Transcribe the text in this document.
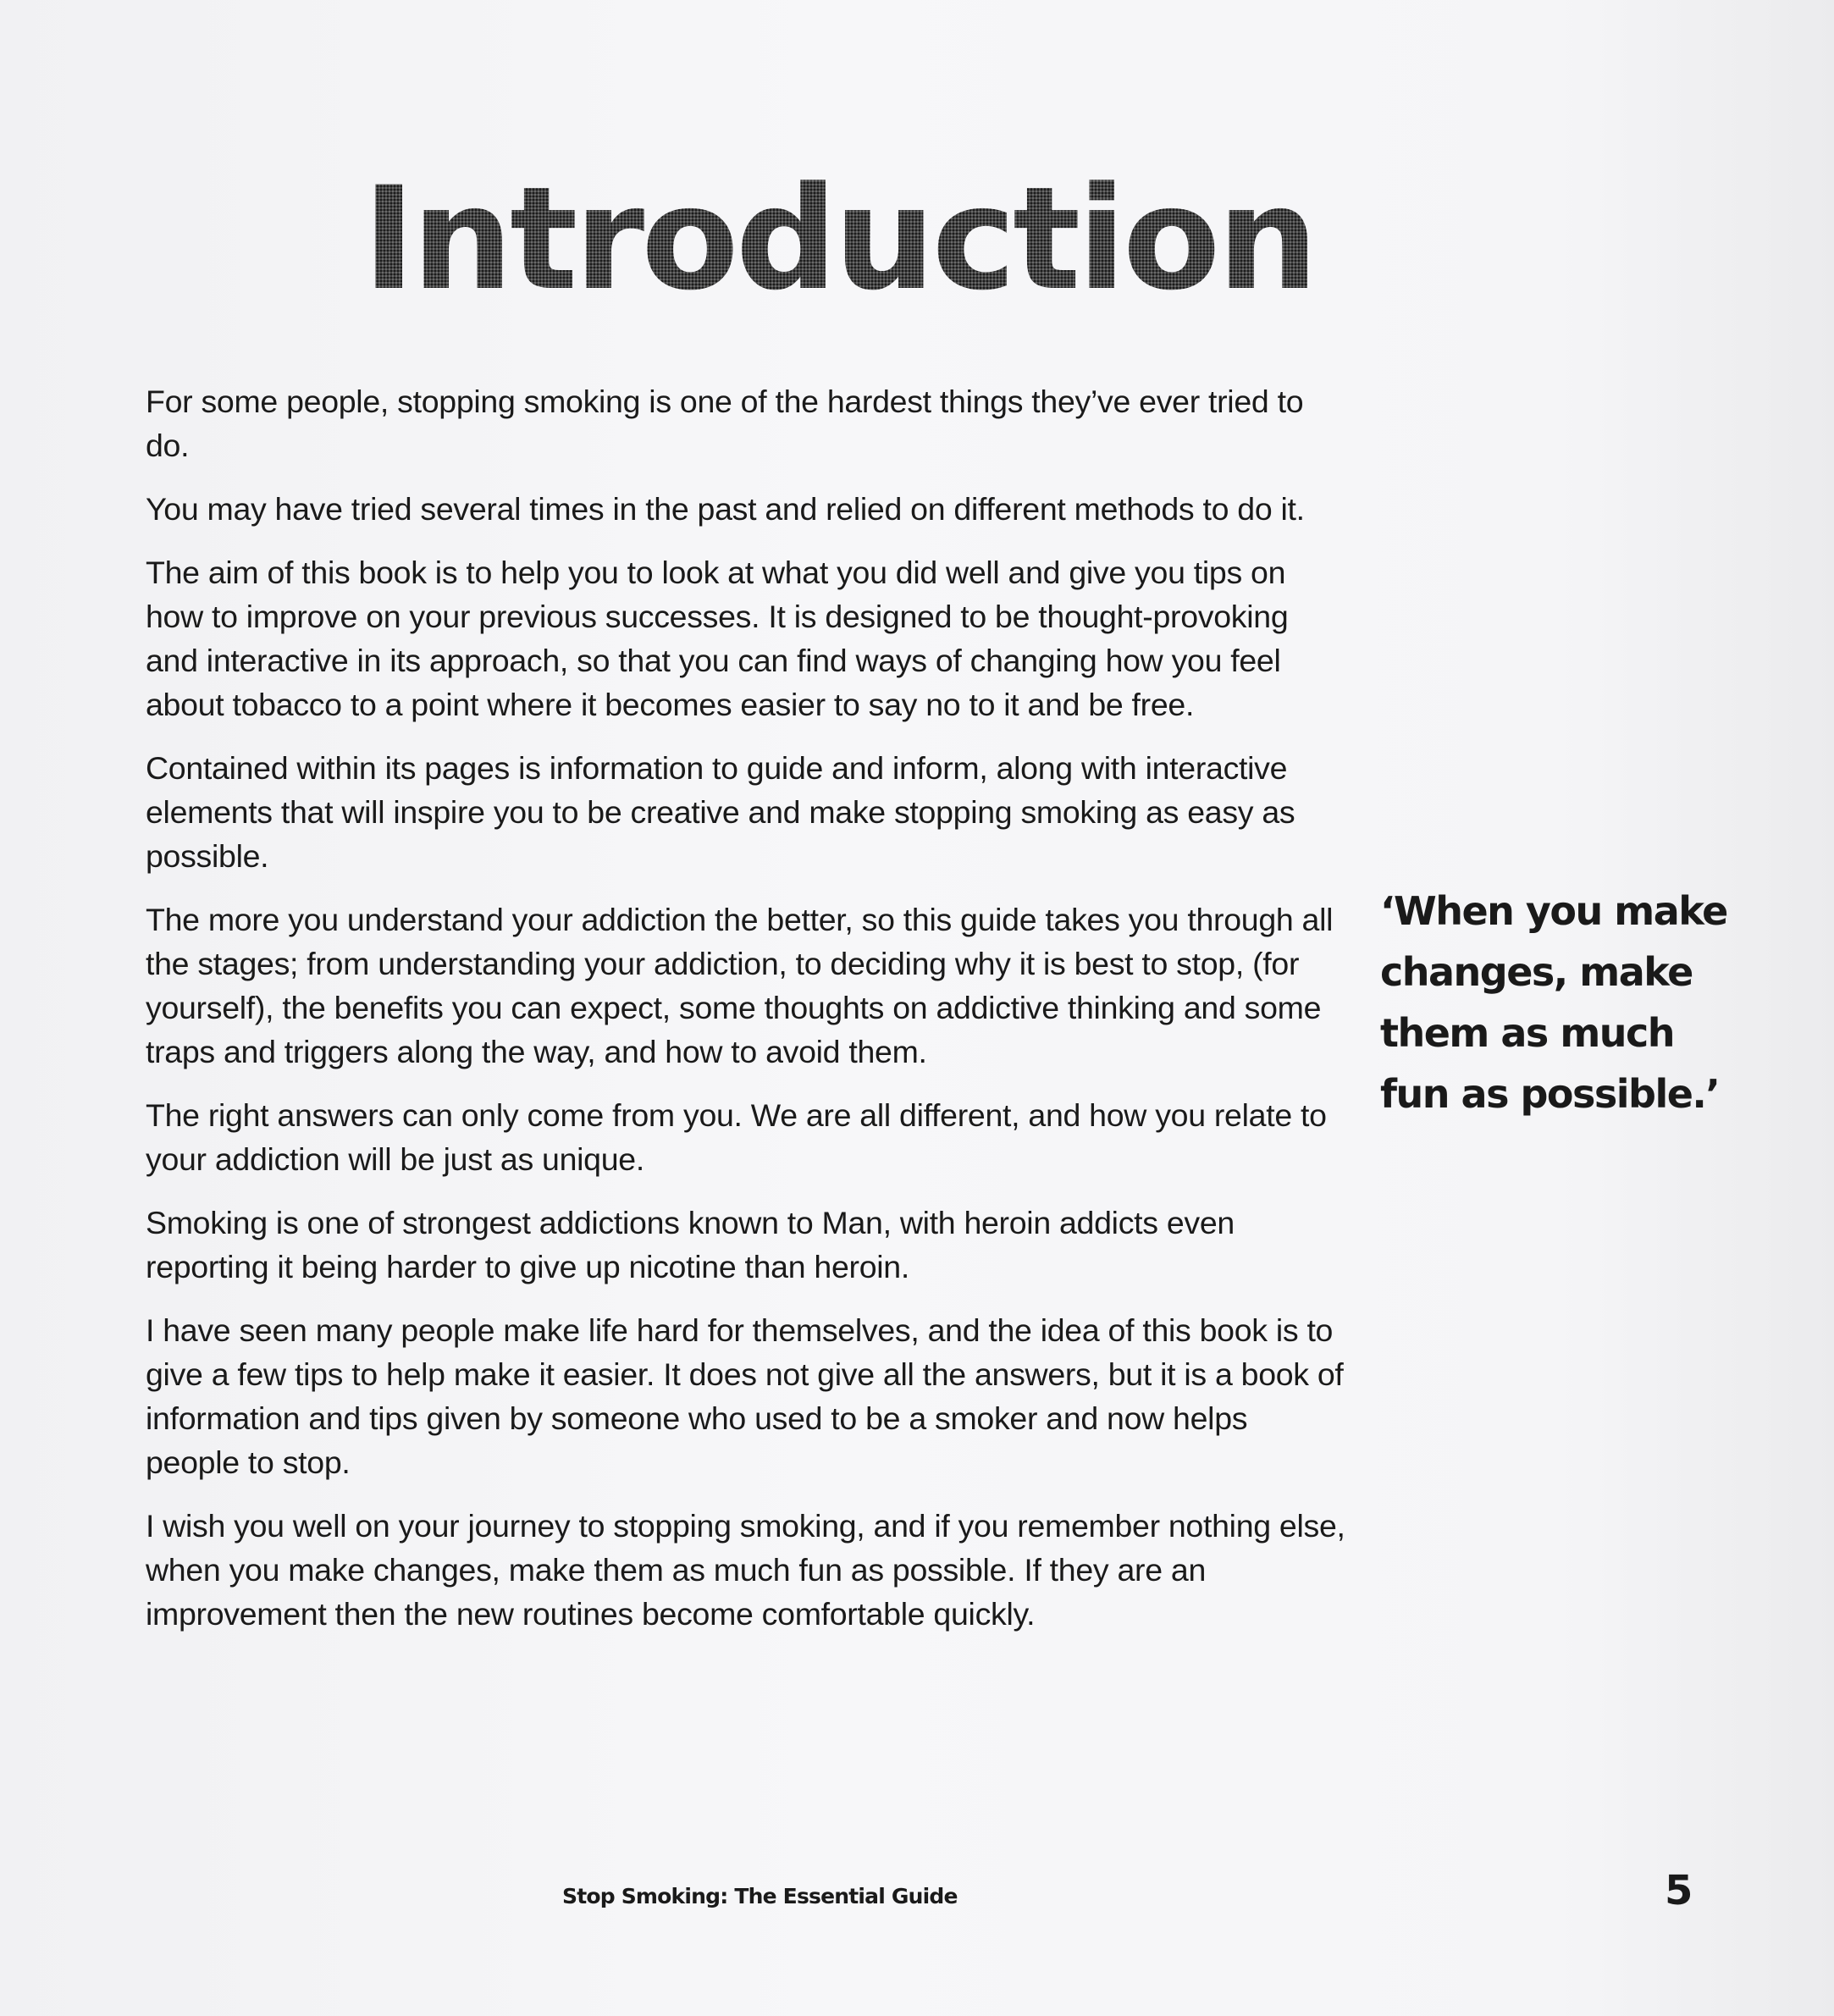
Introduction

For some people, stopping smoking is one of the hardest things they’ve ever tried to do.

You may have tried several times in the past and relied on different methods to do it.

The aim of this book is to help you to look at what you did well and give you tips on how to improve on your previous successes. It is designed to be thought-provoking and interactive in its approach, so that you can find ways of changing how you feel about tobacco to a point where it becomes easier to say no to it and be free.

Contained within its pages is information to guide and inform, along with interactive elements that will inspire you to be creative and make stopping smoking as easy as possible.

The more you understand your addiction the better, so this guide takes you through all the stages; from understanding your addiction, to deciding why it is best to stop, (for yourself), the benefits you can expect, some thoughts on addictive thinking and some traps and triggers along the way, and how to avoid them.

The right answers can only come from you. We are all different, and how you relate to your addiction will be just as unique.

Smoking is one of strongest addictions known to Man, with heroin addicts even reporting it being harder to give up nicotine than heroin.

I have seen many people make life hard for themselves, and the idea of this book is to give a few tips to help make it easier. It does not give all the answers, but it is a book of information and tips given by someone who used to be a smoker and now helps people to stop.

I wish you well on your journey to stopping smoking, and if you remember nothing else, when you make changes, make them as much fun as possible. If they are an improvement then the new routines become comfortable quickly.

‘When you make changes, make them as much fun as possible.’

Stop Smoking: The Essential Guide	5
